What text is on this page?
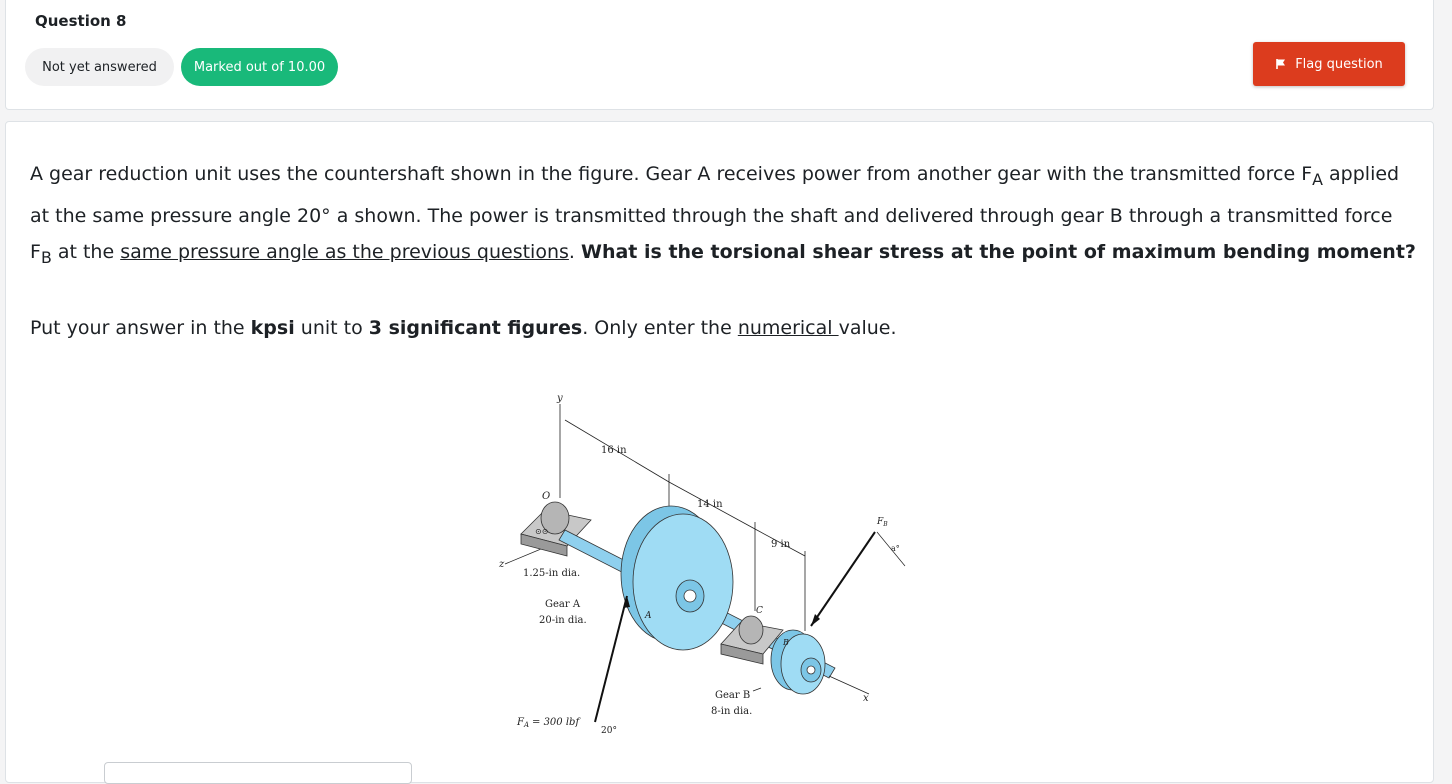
Question 8
Not yet answered	Marked out of 10.00	Flag question

A gear reduction unit uses the countershaft shown in the figure. Gear A receives power from another gear with the transmitted force $F_A$ applied at the same pressure angle 20° a shown. The power is transmitted through the shaft and delivered through gear B through a transmitted force $F_B$ at the same pressure angle as the previous questions. What is the torsional shear stress at the point of maximum bending moment?

Put your answer in the kpsi unit to 3 significant figures. Only enter the numerical value.

y
z
16 in
14 in
9 in
⊙⊙
O
1.25-in dia.
Gear A
20-in dia.	A
$F_A = 300$ lbf
20°
C
B
Gear B
8-in dia.
x
$F_B$
a°
